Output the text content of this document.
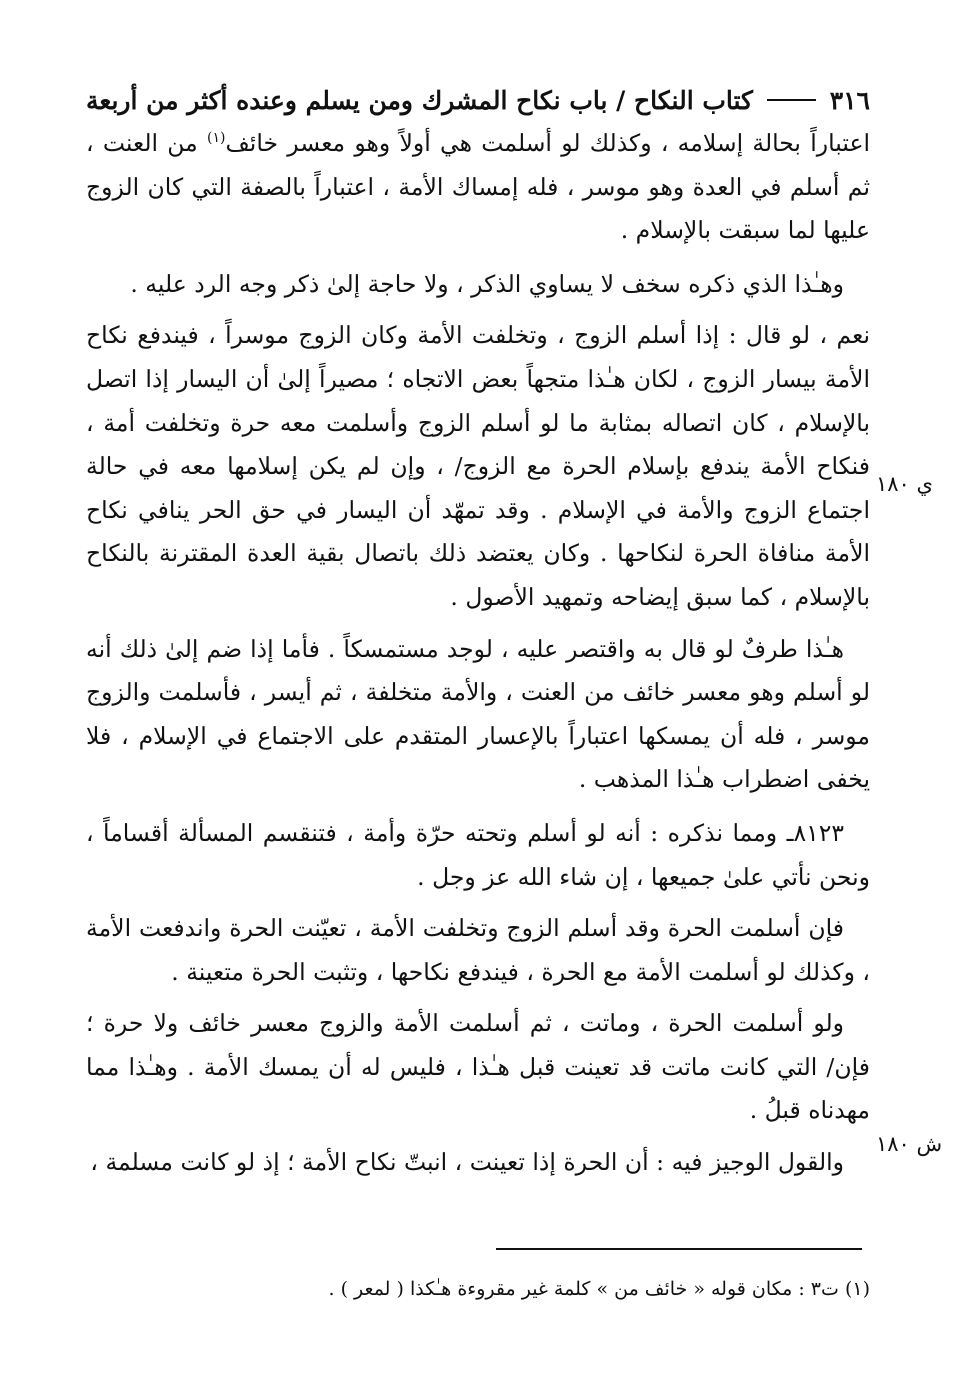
٣١٦
كتاب النكاح / باب نكاح المشرك ومن يسلم وعنده أكثر من أربعة

اعتباراً بحالة إسلامه ، وكذلك لو أسلمت هي أولاً وهو معسر خائف$^{(١)}$ من العنت ، ثم أسلم في العدة وهو موسر ، فله إمساك الأمة ، اعتباراً بالصفة التي كان الزوج عليها لما سبقت بالإسلام .

وهـٰذا الذي ذكره سخف لا يساوي الذكر ، ولا حاجة إلىٰ ذكر وجه الرد عليه .

نعم ، لو قال : إذا أسلم الزوج ، وتخلفت الأمة وكان الزوج موسراً ، فيندفع نكاح الأمة بيسار الزوج ، لكان هـٰذا متجهاً بعض الاتجاه ؛ مصيراً إلىٰ أن اليسار إذا اتصل بالإسلام ، كان اتصاله بمثابة ما لو أسلم الزوج وأسلمت معه حرة وتخلفت أمة ، فنكاح الأمة يندفع بإسلام الحرة مع الزوج/ ، وإن لم يكن إسلامها معه في حالة اجتماع الزوج والأمة في الإسلام . وقد تمهّد أن اليسار في حق الحر ينافي نكاح الأمة منافاة الحرة لنكاحها . وكان يعتضد ذلك باتصال بقية العدة المقترنة بالنكاح بالإسلام ، كما سبق إيضاحه وتمهيد الأصول .

هـٰذا طرفٌ لو قال به واقتصر عليه ، لوجد مستمسكاً . فأما إذا ضم إلىٰ ذلك أنه لو أسلم وهو معسر خائف من العنت ، والأمة متخلفة ، ثم أيسر ، فأسلمت والزوج موسر ، فله أن يمسكها اعتباراً بالإعسار المتقدم على الاجتماع في الإسلام ، فلا يخفى اضطراب هـٰذا المذهب .

٨١٢٣ـ ومما نذكره : أنه لو أسلم وتحته حرّة وأمة ، فتنقسم المسألة أقساماً ، ونحن نأتي علىٰ جميعها ، إن شاء الله عز وجل .

فإن أسلمت الحرة وقد أسلم الزوج وتخلفت الأمة ، تعيّنت الحرة واندفعت الأمة ، وكذلك لو أسلمت الأمة مع الحرة ، فيندفع نكاحها ، وتثبت الحرة متعينة .

ولو أسلمت الحرة ، وماتت ، ثم أسلمت الأمة والزوج معسر خائف ولا حرة ؛ فإن/ التي كانت ماتت قد تعينت قبل هـٰذا ، فليس له أن يمسك الأمة . وهـٰذا مما مهدناه قبلُ .

والقول الوجيز فيه : أن الحرة إذا تعينت ، انبتّ نكاح الأمة ؛ إذ لو كانت مسلمة ،

ي ١٨٠
ش ١٨٠
(١) ت٣ : مكان قوله « خائف من » كلمة غير مقروءة هـٰكذا ( لمعر ) .
